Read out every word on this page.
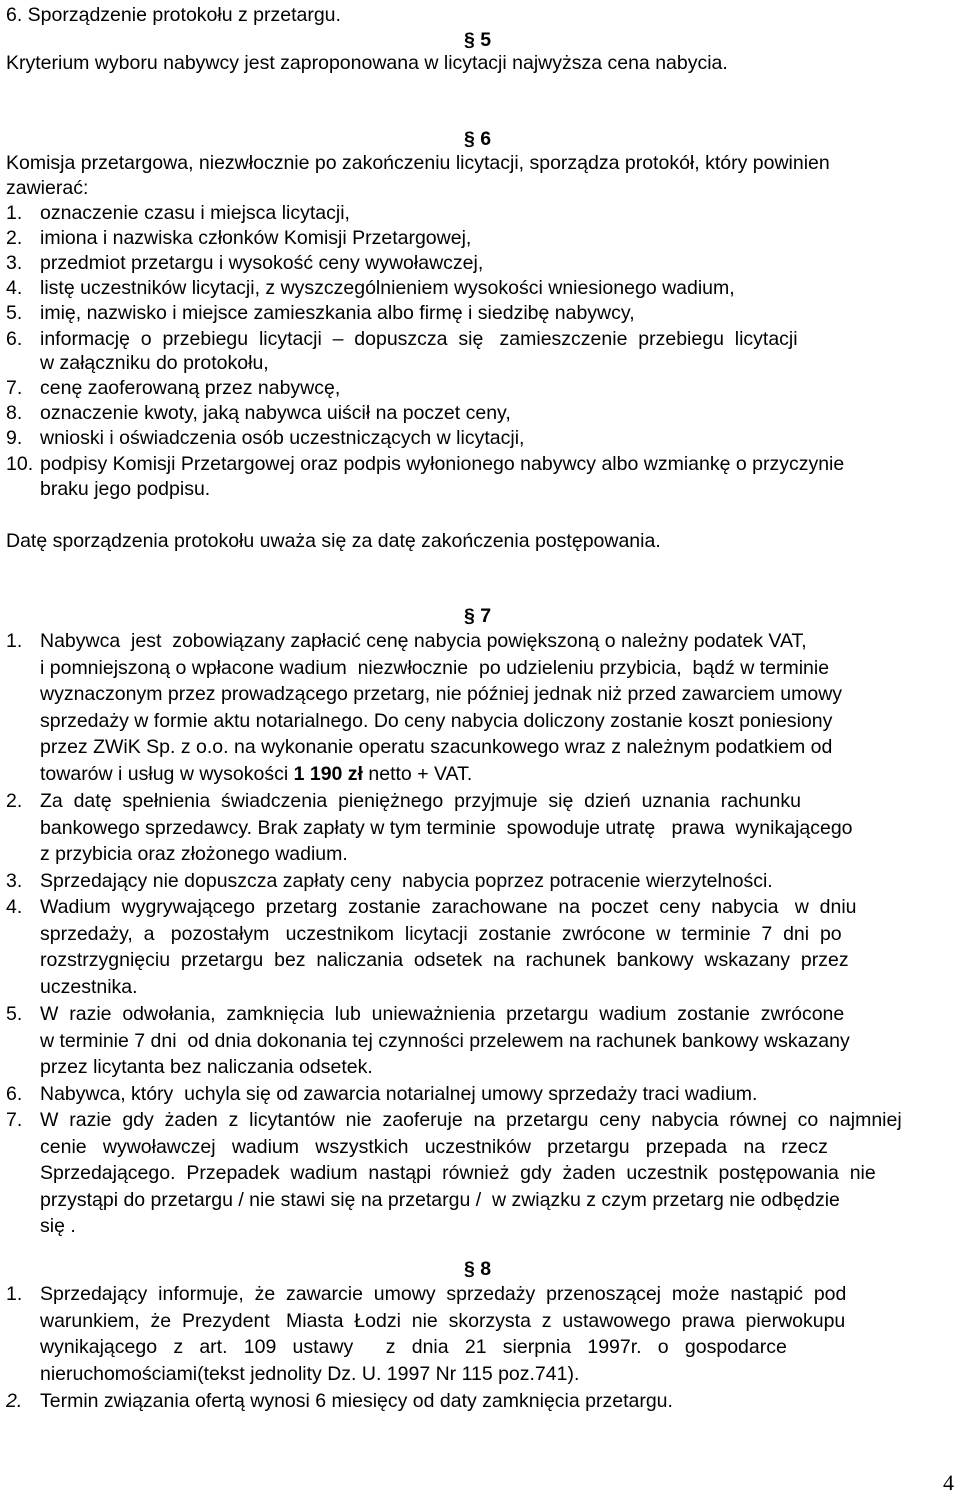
6. Sporządzenie protokołu z przetargu.
§ 5
Kryterium wyboru nabywcy jest zaproponowana w licytacji najwyższa cena nabycia.
§ 6
Komisja przetargowa, niezwłocznie po zakończeniu licytacji, sporządza protokół, który powinien
zawierać:
1. oznaczenie czasu i miejsca licytacji,
2. imiona i nazwiska członków Komisji Przetargowej,
3. przedmiot przetargu i wysokość ceny wywoławczej,
4. listę uczestników licytacji, z wyszczególnieniem wysokości wniesionego wadium,
5. imię, nazwisko i miejsce zamieszkania albo firmę i siedzibę nabywcy,
6. informację  o  przebiegu  licytacji  –  dopuszcza  się   zamieszczenie  przebiegu  licytacji
w załączniku do protokołu,
7. cenę zaoferowaną przez nabywcę,
8. oznaczenie kwoty, jaką nabywca uiścił na poczet ceny,
9. wnioski i oświadczenia osób uczestniczących w licytacji,
10. podpisy Komisji Przetargowej oraz podpis wyłonionego nabywcy albo wzmiankę o przyczynie
braku jego podpisu.
Datę sporządzenia protokołu uważa się za datę zakończenia postępowania.
§ 7
1. Nabywca  jest  zobowiązany zapłacić cenę nabycia powiększoną o należny podatek VAT,
i pomniejszoną o wpłacone wadium  niezwłocznie  po udzieleniu przybicia,  bądź w terminie
wyznaczonym przez prowadzącego przetarg, nie później jednak niż przed zawarciem umowy
sprzedaży w formie aktu notarialnego. Do ceny nabycia doliczony zostanie koszt poniesiony
przez ZWiK Sp. z o.o. na wykonanie operatu szacunkowego wraz z należnym podatkiem od
towarów i usług w wysokości 1 190 zł netto + VAT.
2. Za  datę  spełnienia  świadczenia  pieniężnego  przyjmuje  się  dzień  uznania  rachunku
bankowego sprzedawcy. Brak zapłaty w tym terminie  spowoduje utratę   prawa  wynikającego
z przybicia oraz złożonego wadium.
3. Sprzedający nie dopuszcza zapłaty ceny  nabycia poprzez potracenie wierzytelności.
4. Wadium  wygrywającego  przetarg  zostanie  zarachowane  na  poczet  ceny  nabycia   w  dniu
sprzedaży,  a   pozostałym   uczestnikom  licytacji  zostanie  zwrócone  w  terminie  7  dni  po
rozstrzygnięciu  przetargu  bez  naliczania  odsetek  na  rachunek  bankowy  wskazany  przez
uczestnika.
5. W  razie  odwołania,  zamknięcia  lub  unieważnienia  przetargu  wadium  zostanie  zwrócone
w terminie 7 dni  od dnia dokonania tej czynności przelewem na rachunek bankowy wskazany
przez licytanta bez naliczania odsetek.
6. Nabywca, który  uchyla się od zawarcia notarialnej umowy sprzedaży traci wadium.
7. W  razie  gdy  żaden  z  licytantów  nie  zaoferuje  na  przetargu  ceny  nabycia  równej  co  najmniej
cenie   wywoławczej   wadium   wszystkich   uczestników   przetargu   przepada   na   rzecz
Sprzedającego.  Przepadek  wadium  nastąpi  również  gdy  żaden  uczestnik  postępowania  nie
przystąpi do przetargu / nie stawi się na przetargu /  w związku z czym przetarg nie odbędzie
się .
§ 8
1. Sprzedający  informuje,  że  zawarcie  umowy  sprzedaży  przenoszącej  może  nastąpić  pod
warunkiem,  że  Prezydent   Miasta  Łodzi  nie  skorzysta  z  ustawowego  prawa  pierwokupu
wynikającego   z   art.   109   ustawy      z   dnia   21   sierpnia   1997r.   o   gospodarce
nieruchomościami(tekst jednolity Dz. U. 1997 Nr 115 poz.741).
2. Termin związania ofertą wynosi 6 miesięcy od daty zamknięcia przetargu.
4
